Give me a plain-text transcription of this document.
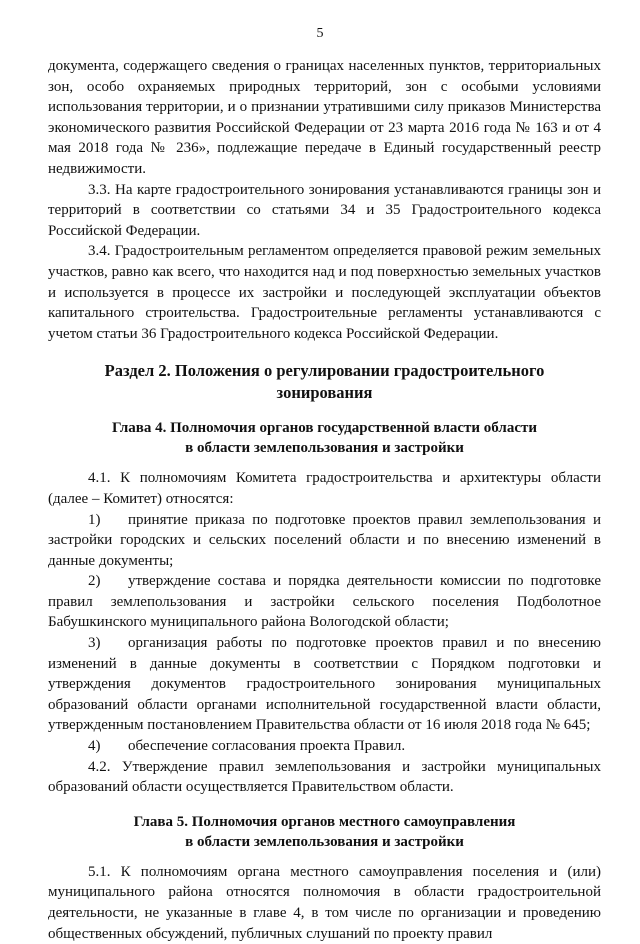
5

документа, содержащего сведения о границах населенных пунктов, территориальных зон, особо охраняемых природных территорий, зон с особыми условиями использования территории, и о признании утратившими силу приказов Министерства экономического развития Российской Федерации от 23 марта 2016 года № 163 и от 4 мая 2018 года № 236», подлежащие передаче в Единый государственный реестр недвижимости.

3.3. На карте градостроительного зонирования устанавливаются границы зон и территорий в соответствии со статьями 34 и 35 Градостроительного кодекса Российской Федерации.

3.4. Градостроительным регламентом определяется правовой режим земельных участков, равно как всего, что находится над и под поверхностью земельных участков и используется в процессе их застройки и последующей эксплуатации объектов капитального строительства. Градостроительные регламенты устанавливаются с учетом статьи 36 Градостроительного кодекса Российской Федерации.

Раздел 2. Положения о регулировании градостроительного
зонирования
Глава 4. Полномочия органов государственной власти области
в области землепользования и застройки

4.1. К полномочиям Комитета градостроительства и архитектуры области (далее – Комитет) относятся:

1) принятие приказа по подготовке проектов правил землепользования и застройки городских и сельских поселений области и по внесению изменений в данные документы;

2) утверждение состава и порядка деятельности комиссии по подготовке правил землепользования и застройки сельского поселения Подболотное Бабушкинского муниципального района Вологодской области;

3) организация работы по подготовке проектов правил и по внесению изменений в данные документы в соответствии с Порядком подготовки и утверждения документов градостроительного зонирования муниципальных образований области органами исполнительной государственной власти области, утвержденным постановлением Правительства области от 16 июля 2018 года № 645;

4) обеспечение согласования проекта Правил.

4.2. Утверждение правил землепользования и застройки муниципальных образований области осуществляется Правительством области.

Глава 5. Полномочия органов местного самоуправления
в области землепользования и застройки

5.1. К полномочиям органа местного самоуправления поселения и (или) муниципального района относятся полномочия в области градостроительной деятельности, не указанные в главе 4, в том числе по организации и проведению общественных обсуждений, публичных слушаний по проекту правил
